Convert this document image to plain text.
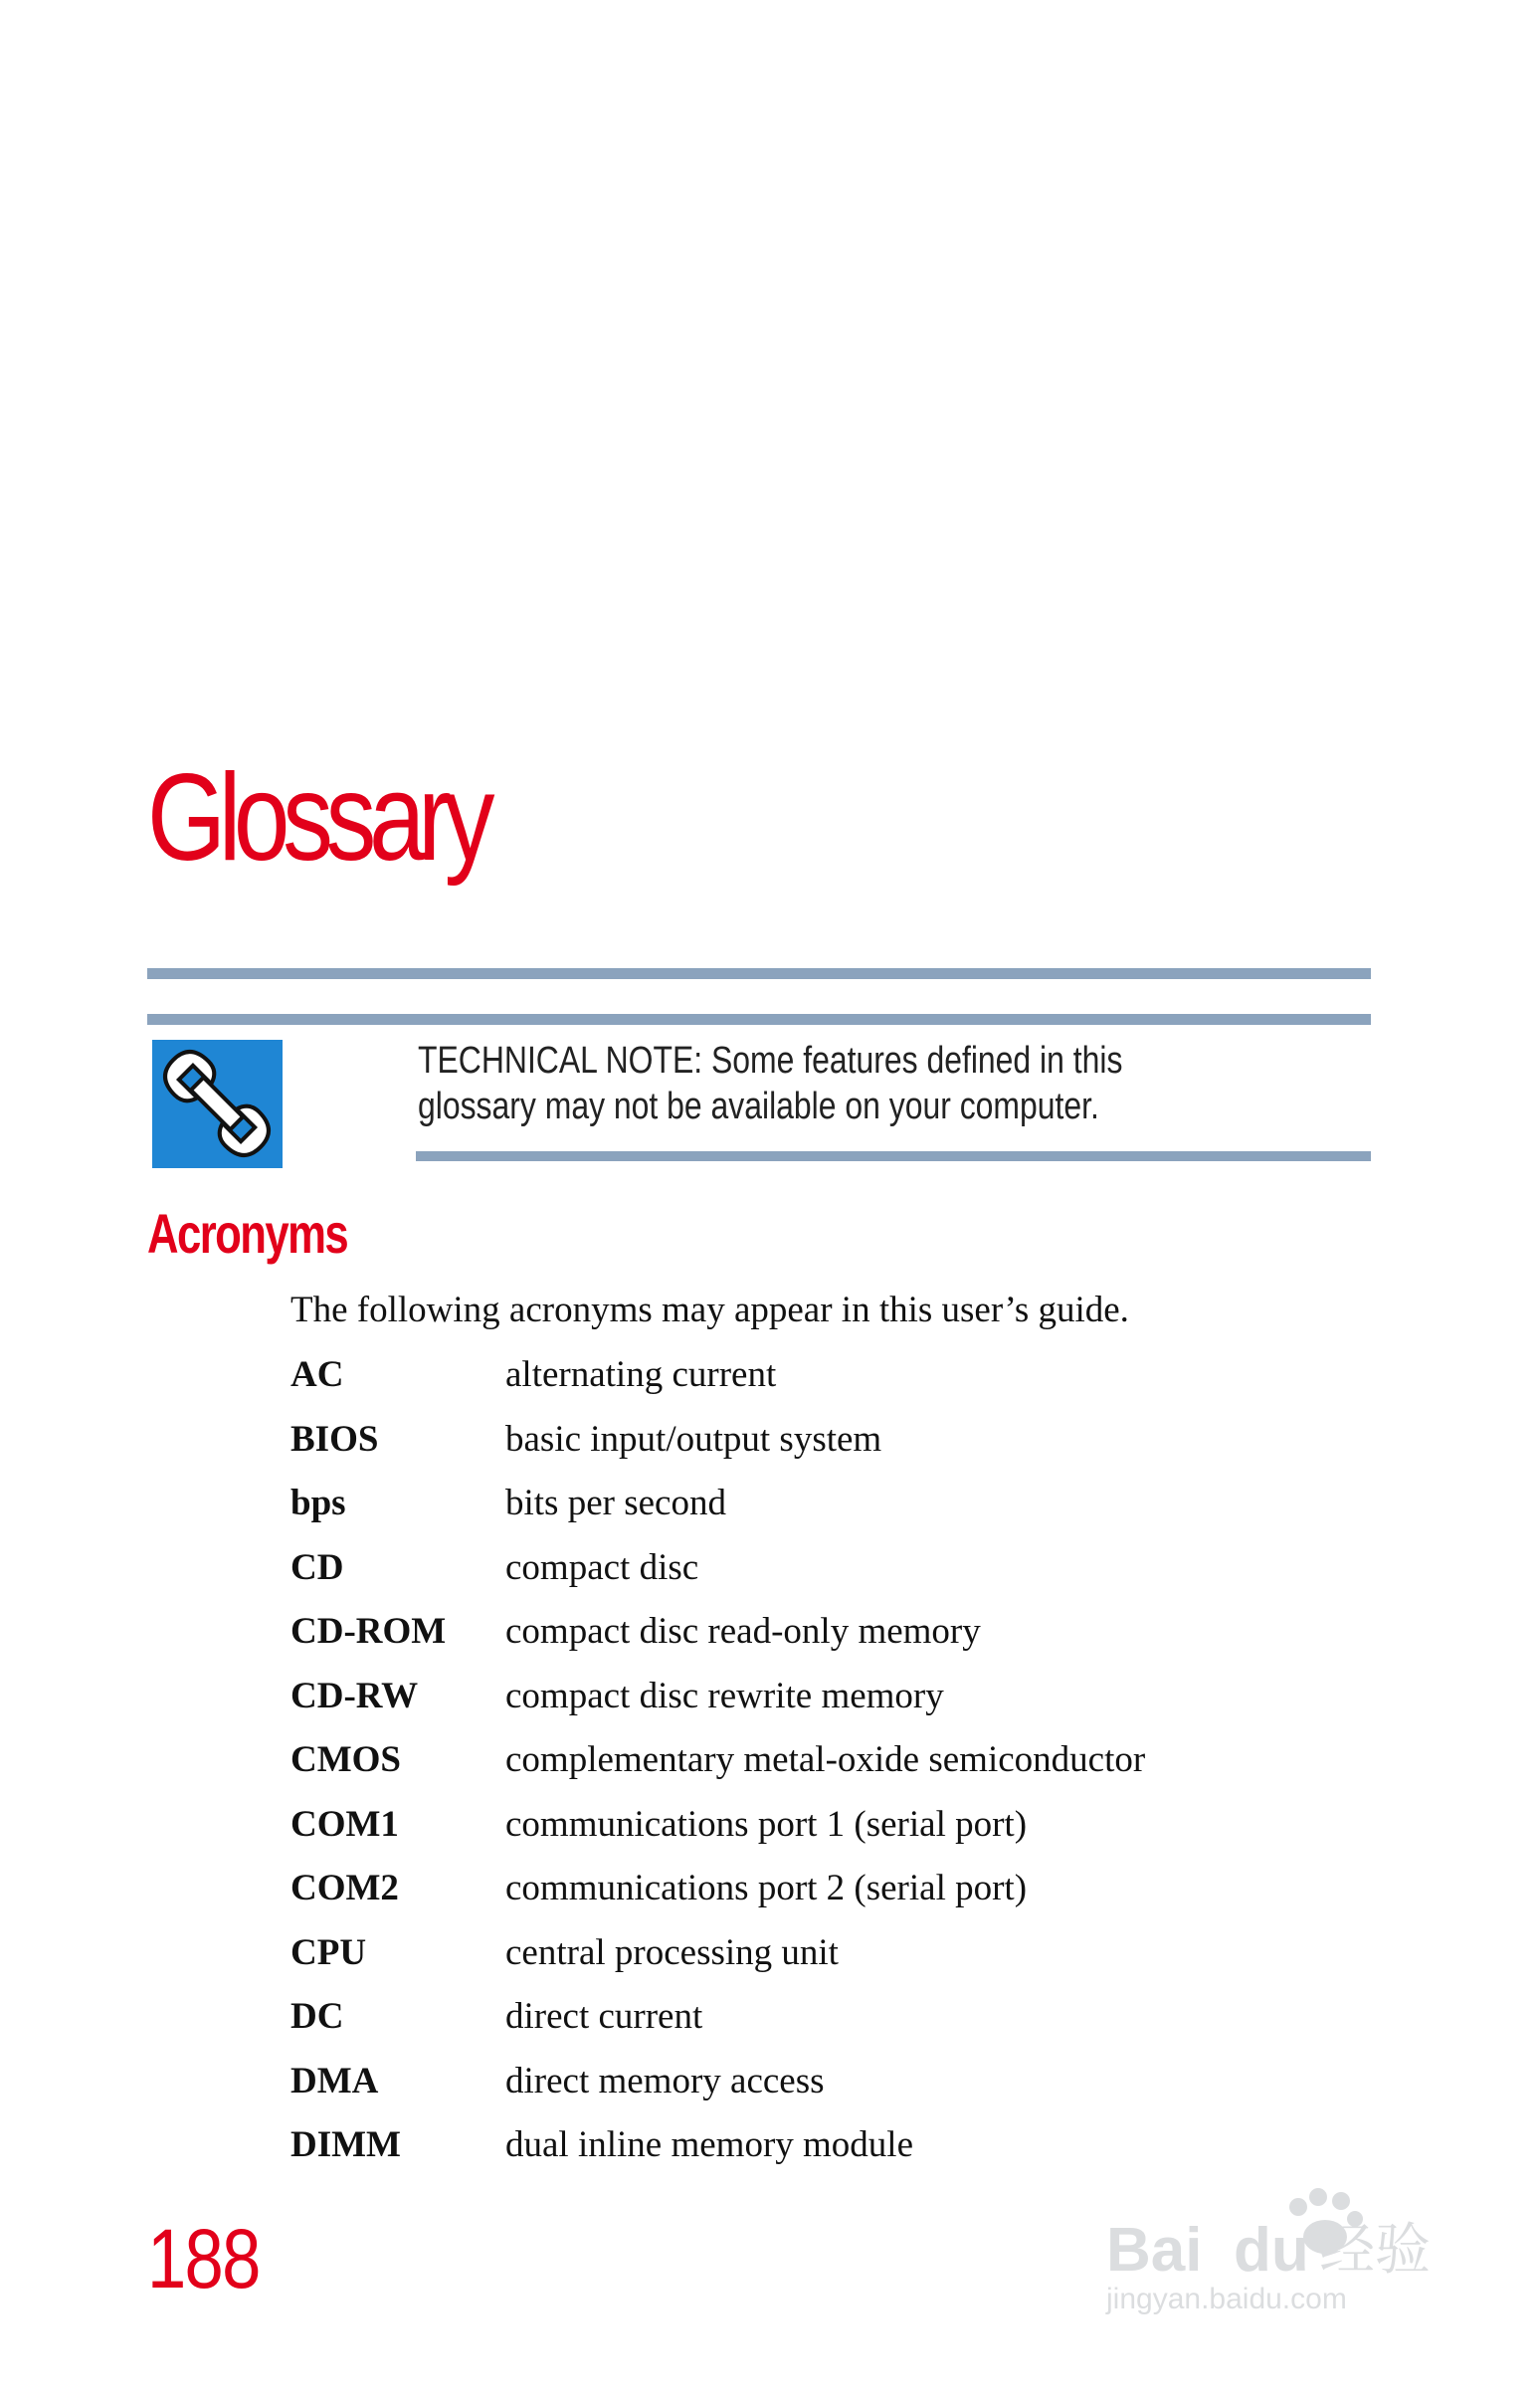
Glossary

TECHNICAL NOTE: Some features defined in this glossary may not be available on your computer.

Acronyms

The following acronyms may appear in this user’s guide.

AC	alternating current
BIOS	basic input/output system
bps	bits per second
CD	compact disc
CD-ROM	compact disc read-only memory
CD-RW	compact disc rewrite memory
CMOS	complementary metal-oxide semiconductor
COM1	communications port 1 (serial port)
COM2	communications port 2 (serial port)
CPU	central processing unit
DC	direct current
DMA	direct memory access
DIMM	dual inline memory module

188	Bai du 经验
jingyan.baidu.com
